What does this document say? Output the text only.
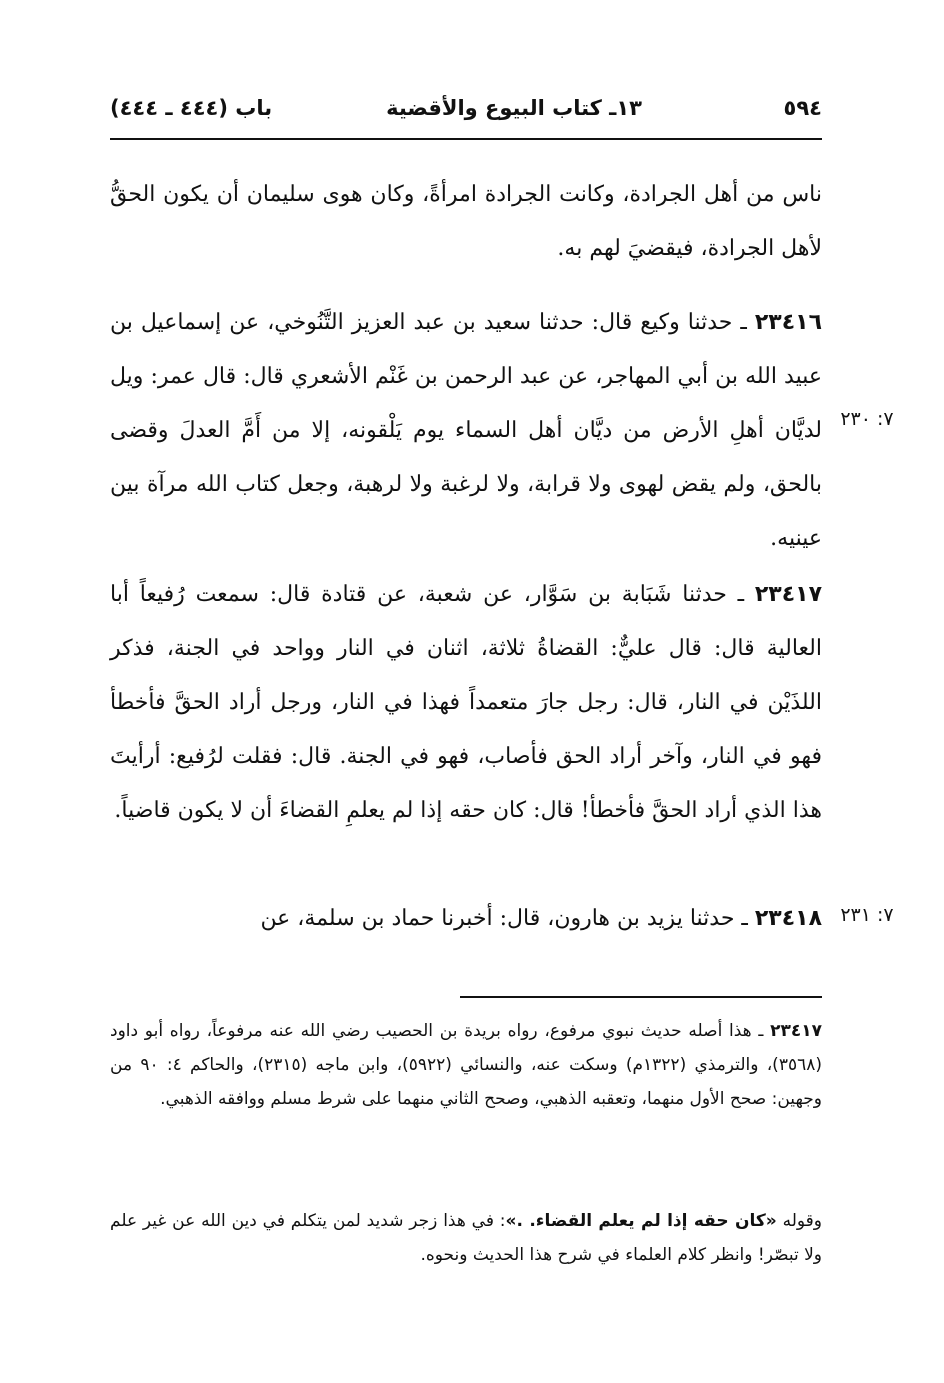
٥٩٤
١٣ـ كتاب البيوع والأقضية
باب (٤٤٤ ـ ٤٤٤)

ناس من أهل الجرادة، وكانت الجرادة امرأةً، وكان هوى سليمان أن يكون الحقُّ لأهل الجرادة، فيقضيَ لهم به.

٢٣٤١٦ ـ حدثنا وكيع قال: حدثنا سعيد بن عبد العزيز التَّنُوخي، عن إسماعيل بن عبيد الله بن أبي المهاجر، عن عبد الرحمن بن غَنْم الأشعري قال: قال عمر: ويل لديَّان أهلِ الأرض من ديَّان أهل السماء يوم يَلْقونه، إلا من أَمَّ العدلَ وقضى بالحق، ولم يقض لهوى ولا قرابة، ولا لرغبة ولا لرهبة، وجعل كتاب الله مرآة بين عينيه.

٧: ٢٣٠

٢٣٤١٧ ـ حدثنا شَبَابة بن سَوَّار، عن شعبة، عن قتادة قال: سمعت رُفيعاً أبا العالية قال: قال عليٌّ: القضاةُ ثلاثة، اثنان في النار وواحد في الجنة، فذكر اللذَيْن في النار، قال: رجل جارَ متعمداً فهذا في النار، ورجل أراد الحقَّ فأخطأ فهو في النار، وآخر أراد الحق فأصاب، فهو في الجنة. قال: فقلت لرُفيع: أرأيتَ هذا الذي أراد الحقَّ فأخطأ! قال: كان حقه إذا لم يعلمِ القضاءَ أن لا يكون قاضياً.

٢٣٤١٨ ـ حدثنا يزيد بن هارون، قال: أخبرنا حماد بن سلمة، عن	٧: ٢٣١

٢٣٤١٧ ـ هذا أصله حديث نبوي مرفوع، رواه بريدة بن الحصيب رضي الله عنه مرفوعاً، رواه أبو داود (٣٥٦٨)، والترمذي (١٣٢٢م) وسكت عنه، والنسائي (٥٩٢٢)، وابن ماجه (٢٣١٥)، والحاكم ٤: ٩٠ من وجهين: صحح الأول منهما، وتعقبه الذهبي، وصحح الثاني منهما على شرط مسلم ووافقه الذهبي.

وقوله «كان حقه إذا لم يعلم القضاء. .»: في هذا زجر شديد لمن يتكلم في دين الله عن غير علم ولا تبصّر! وانظر كلام العلماء في شرح هذا الحديث ونحوه.
